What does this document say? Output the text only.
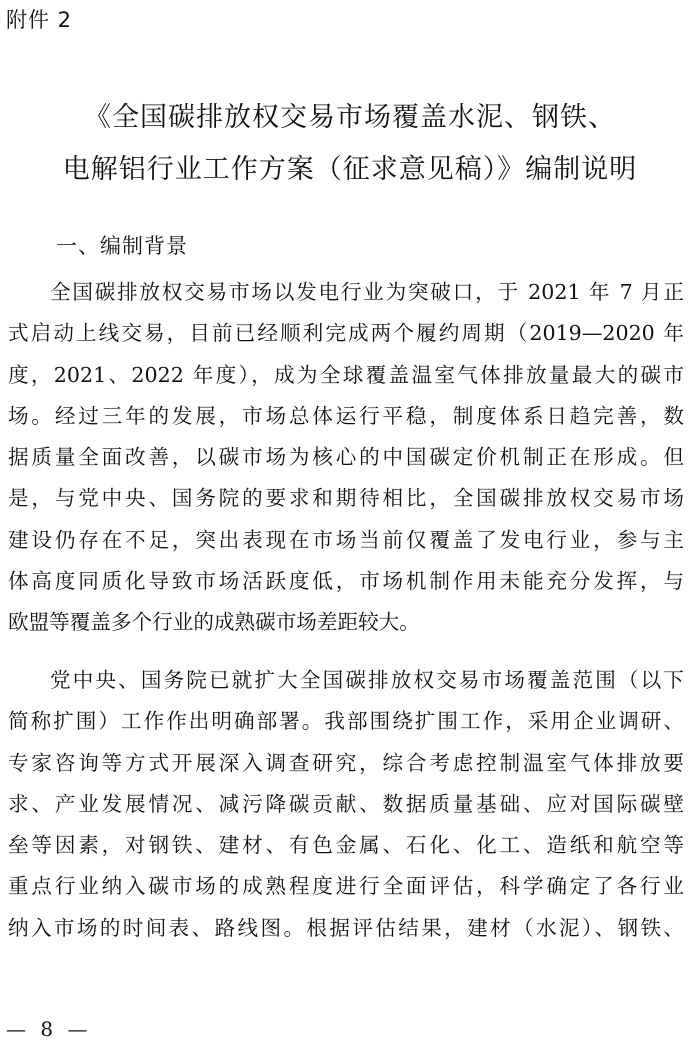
附件 2
《全国碳排放权交易市场覆盖水泥、钢铁、
电解铝行业工作方案（征求意见稿）》编制说明
一、编制背景
全国碳排放权交易市场以发电行业为突破口，于 2021 年 7 月正
式启动上线交易，目前已经顺利完成两个履约周期（2019—2020 年
度，2021、2022 年度），成为全球覆盖温室气体排放量最大的碳市
场。经过三年的发展，市场总体运行平稳，制度体系日趋完善，数
据质量全面改善，以碳市场为核心的中国碳定价机制正在形成。但
是，与党中央、国务院的要求和期待相比，全国碳排放权交易市场
建设仍存在不足，突出表现在市场当前仅覆盖了发电行业，参与主
体高度同质化导致市场活跃度低，市场机制作用未能充分发挥，与
欧盟等覆盖多个行业的成熟碳市场差距较大。
党中央、国务院已就扩大全国碳排放权交易市场覆盖范围（以下
简称扩围）工作作出明确部署。我部围绕扩围工作，采用企业调研、
专家咨询等方式开展深入调查研究，综合考虑控制温室气体排放要
求、产业发展情况、减污降碳贡献、数据质量基础、应对国际碳壁
垒等因素，对钢铁、建材、有色金属、石化、化工、造纸和航空等
重点行业纳入碳市场的成熟程度进行全面评估，科学确定了各行业
纳入市场的时间表、路线图。根据评估结果，建材（水泥）、钢铁、
— 8 —
